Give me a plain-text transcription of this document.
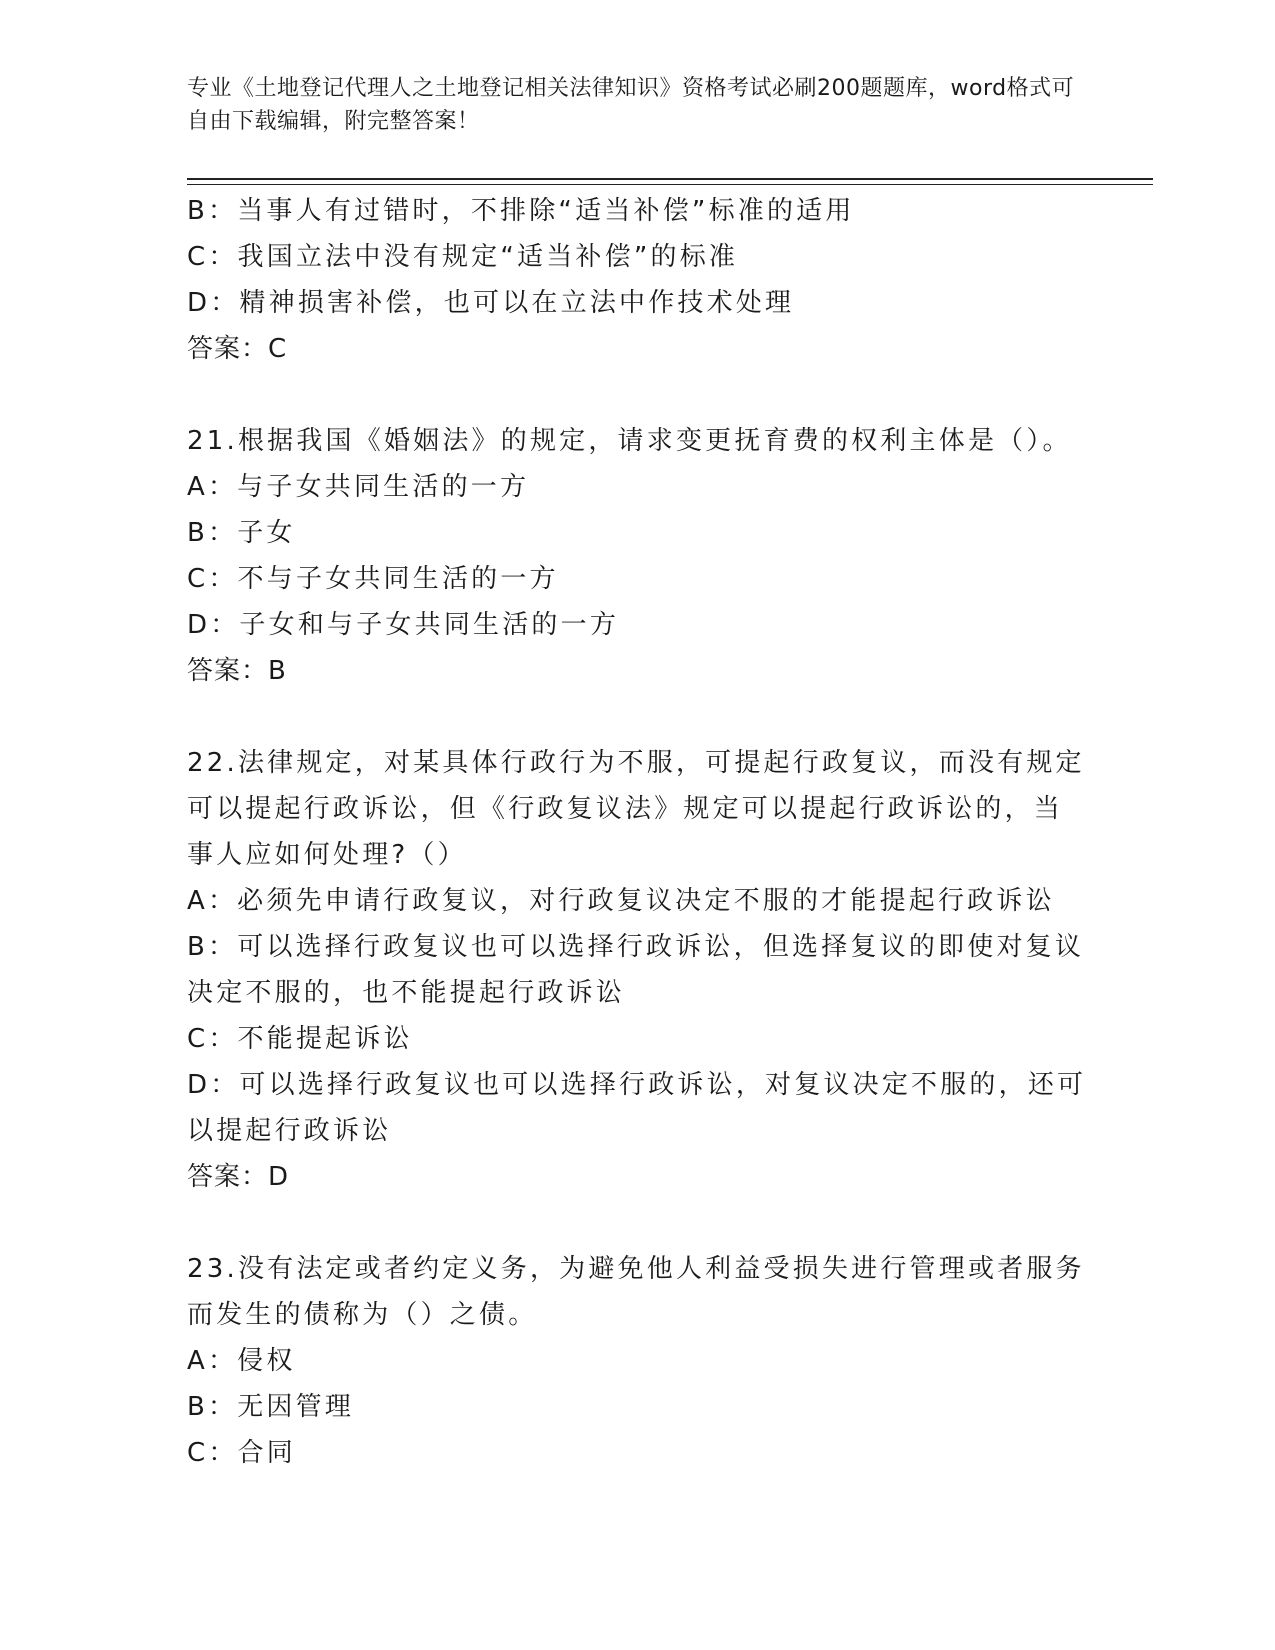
专业《土地登记代理人之土地登记相关法律知识》资格考试必刷200题题库，word格式可自由下载编辑，附完整答案！

B：当事人有过错时，不排除“适当补偿”标准的适用

C：我国立法中没有规定“适当补偿”的标准

D：精神损害补偿，也可以在立法中作技术处理

答案：C

21.根据我国《婚姻法》的规定，请求变更抚育费的权利主体是（）。

A：与子女共同生活的一方

B：子女

C：不与子女共同生活的一方

D：子女和与子女共同生活的一方

答案：B

22.法律规定，对某具体行政行为不服，可提起行政复议，而没有规定

可以提起行政诉讼，但《行政复议法》规定可以提起行政诉讼的，当

事人应如何处理?（）

A：必须先申请行政复议，对行政复议决定不服的才能提起行政诉讼

B：可以选择行政复议也可以选择行政诉讼，但选择复议的即使对复议

决定不服的，也不能提起行政诉讼

C：不能提起诉讼

D：可以选择行政复议也可以选择行政诉讼，对复议决定不服的，还可

以提起行政诉讼

答案：D

23.没有法定或者约定义务，为避免他人利益受损失进行管理或者服务

而发生的债称为（）之债。

A：侵权

B：无因管理

C：合同
